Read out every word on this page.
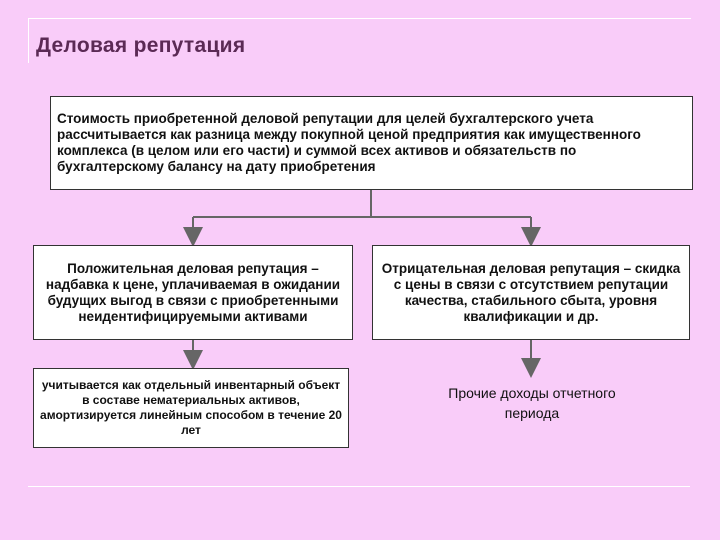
Деловая репутация
Стоимость приобретенной деловой репутации для целей бухгалтерского учета рассчитывается как разница между покупной ценой предприятия как имущественного комплекса (в целом или его части) и суммой всех активов и обязательств по бухгалтерскому балансу на дату приобретения
Положительная деловая репутация – надбавка к цене, уплачиваемая в ожидании будущих выгод в связи с приобретенными неидентифицируемыми активами
Отрицательная деловая репутация – скидка с цены в связи с отсутствием репутации качества, стабильного сбыта, уровня квалификации и др.
учитывается как отдельный инвентарный объект в составе нематериальных активов, амортизируется линейным способом в течение 20 лет
Прочие доходы отчетного периода
